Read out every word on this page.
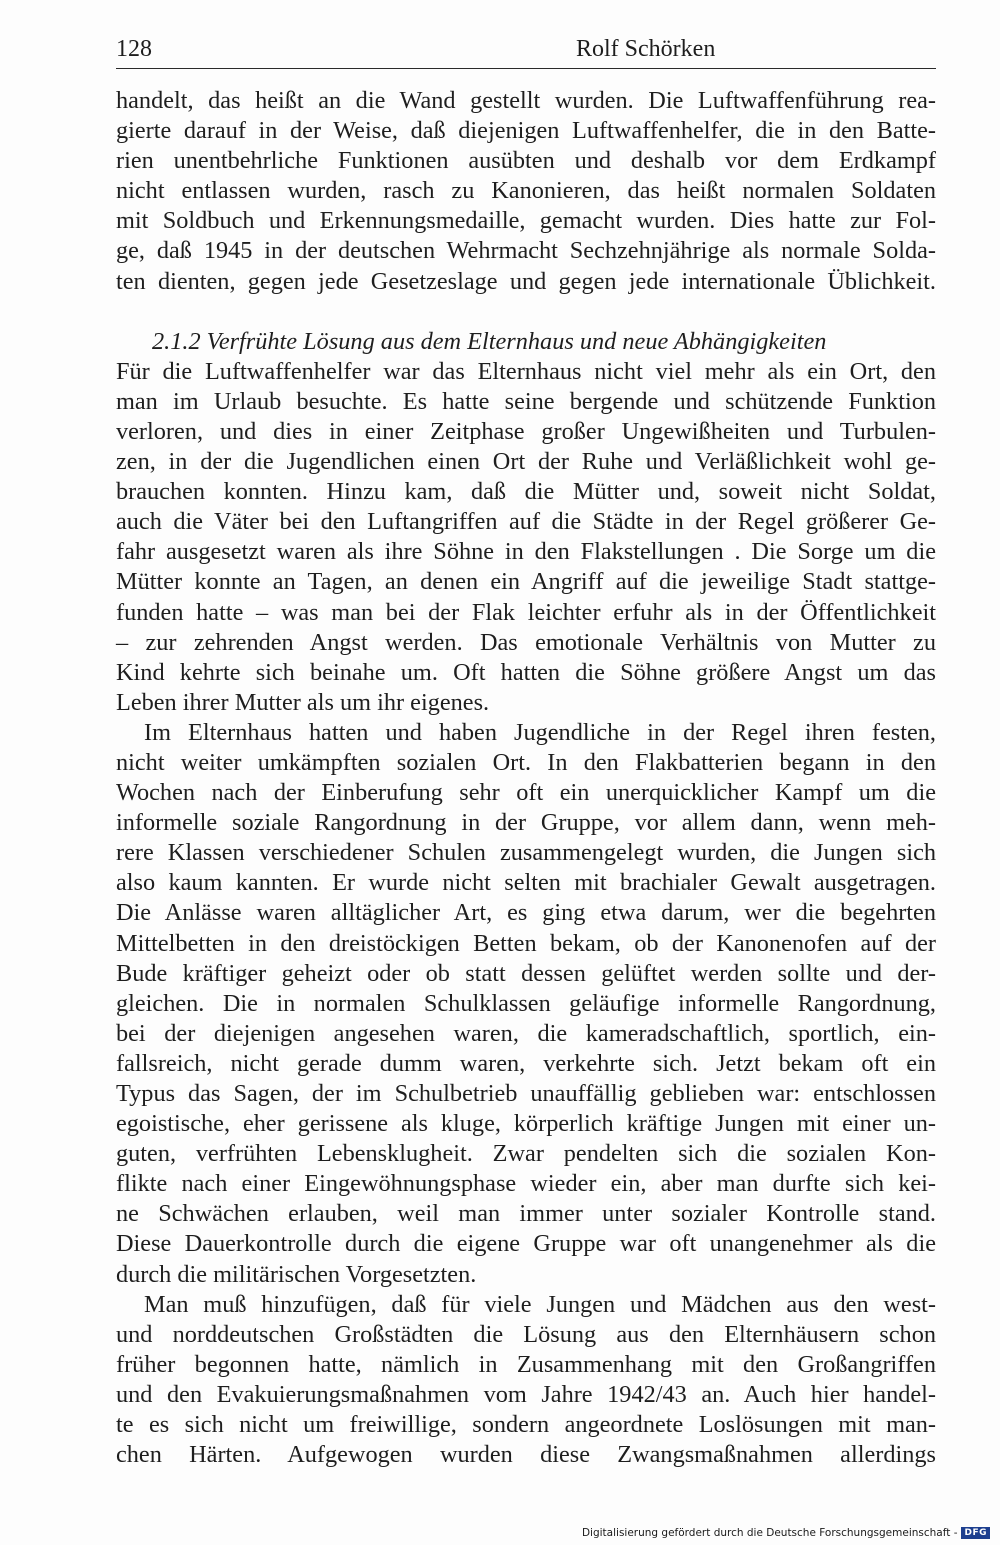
128	Rolf Schörken

handelt, das heißt an die Wand gestellt wurden. Die Luftwaffenführung rea-
gierte darauf in der Weise, daß diejenigen Luftwaffenhelfer, die in den Batte-
rien unentbehrliche Funktionen ausübten und deshalb vor dem Erdkampf
nicht entlassen wurden, rasch zu Kanonieren, das heißt normalen Soldaten
mit Soldbuch und Erkennungsmedaille, gemacht wurden. Dies hatte zur Fol-
ge, daß 1945 in der deutschen Wehrmacht Sechzehnjährige als normale Solda-
ten dienten, gegen jede Gesetzeslage und gegen jede internationale Üblichkeit.

2.1.2 Verfrühte Lösung aus dem Elternhaus und neue Abhängigkeiten

Für die Luftwaffenhelfer war das Elternhaus nicht viel mehr als ein Ort, den
man im Urlaub besuchte. Es hatte seine bergende und schützende Funktion
verloren, und dies in einer Zeitphase großer Ungewißheiten und Turbulen-
zen, in der die Jugendlichen einen Ort der Ruhe und Verläßlichkeit wohl ge-
brauchen konnten. Hinzu kam, daß die Mütter und, soweit nicht Soldat,
auch die Väter bei den Luftangriffen auf die Städte in der Regel größerer Ge-
fahr ausgesetzt waren als ihre Söhne in den Flakstellungen . Die Sorge um die
Mütter konnte an Tagen, an denen ein Angriff auf die jeweilige Stadt stattge-
funden hatte – was man bei der Flak leichter erfuhr als in der Öffentlichkeit
– zur zehrenden Angst werden. Das emotionale Verhältnis von Mutter zu
Kind kehrte sich beinahe um. Oft hatten die Söhne größere Angst um das
Leben ihrer Mutter als um ihr eigenes.

Im Elternhaus hatten und haben Jugendliche in der Regel ihren festen,
nicht weiter umkämpften sozialen Ort. In den Flakbatterien begann in den
Wochen nach der Einberufung sehr oft ein unerquicklicher Kampf um die
informelle soziale Rangordnung in der Gruppe, vor allem dann, wenn meh-
rere Klassen verschiedener Schulen zusammengelegt wurden, die Jungen sich
also kaum kannten. Er wurde nicht selten mit brachialer Gewalt ausgetragen.
Die Anlässe waren alltäglicher Art, es ging etwa darum, wer die begehrten
Mittelbetten in den dreistöckigen Betten bekam, ob der Kanonenofen auf der
Bude kräftiger geheizt oder ob statt dessen gelüftet werden sollte und der-
gleichen. Die in normalen Schulklassen geläufige informelle Rangordnung,
bei der diejenigen angesehen waren, die kameradschaftlich, sportlich, ein-
fallsreich, nicht gerade dumm waren, verkehrte sich. Jetzt bekam oft ein
Typus das Sagen, der im Schulbetrieb unauffällig geblieben war: entschlossen
egoistische, eher gerissene als kluge, körperlich kräftige Jungen mit einer un-
guten, verfrühten Lebensklugheit. Zwar pendelten sich die sozialen Kon-
flikte nach einer Eingewöhnungsphase wieder ein, aber man durfte sich kei-
ne Schwächen erlauben, weil man immer unter sozialer Kontrolle stand.
Diese Dauerkontrolle durch die eigene Gruppe war oft unangenehmer als die
durch die militärischen Vorgesetzten.

Man muß hinzufügen, daß für viele Jungen und Mädchen aus den west-
und norddeutschen Großstädten die Lösung aus den Elternhäusern schon
früher begonnen hatte, nämlich in Zusammenhang mit den Großangriffen
und den Evakuierungsmaßnahmen vom Jahre 1942/43 an. Auch hier handel-
te es sich nicht um freiwillige, sondern angeordnete Loslösungen mit man-
chen Härten. Aufgewogen wurden diese Zwangsmaßnahmen allerdings

Digitalisierung gefördert durch die Deutsche Forschungsgemeinschaft - DFG
